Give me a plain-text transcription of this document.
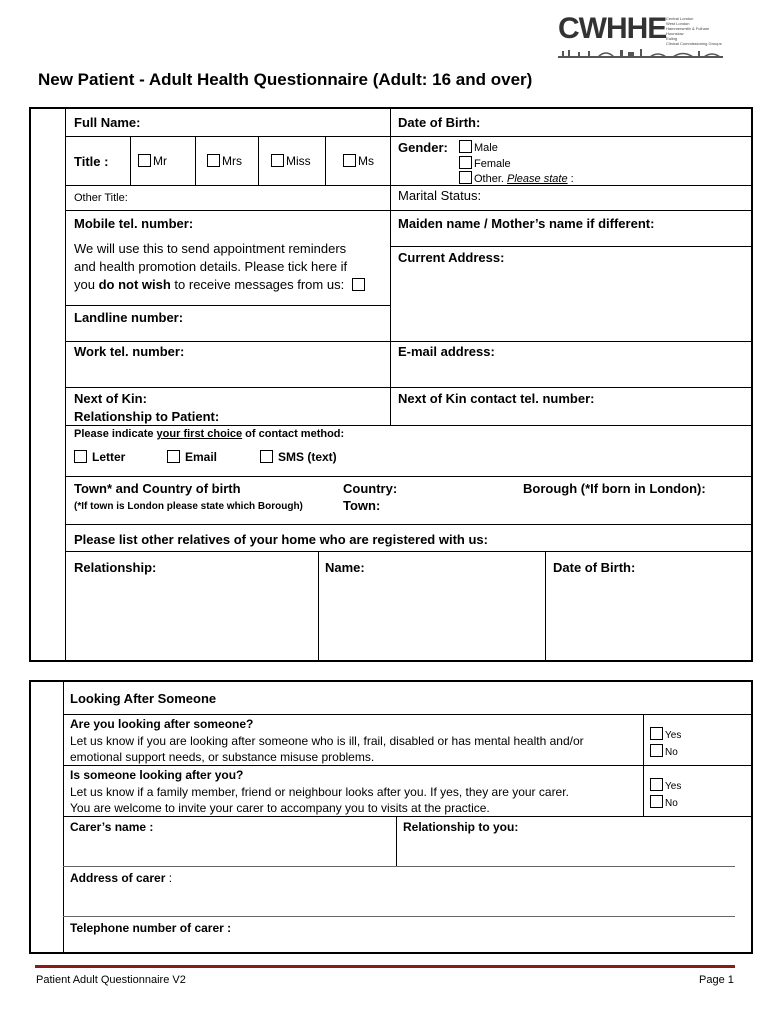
CWHHE Central London
West London
Hammersmith & Fulham
Hounslow
Ealing
Clinical Commissioning Groups
New Patient - Adult Health Questionnaire (Adult: 16 and over)
Full Name:	Date of Birth:
Title :	Mr	Mrs	Miss	Ms
Gender:	Male
Female
Other. Please state :
Other Title:	Marital Status:
Mobile tel. number:	Maiden name / Mother’s name if different:
We will use this to send appointment reminders
and health promotion details. Please tick here if
you do not wish to receive messages from us:
Current Address:
Landline number:
Work tel. number:	E-mail address:
Next of Kin:
Relationship to Patient:
Next of Kin contact tel. number:
Please indicate your first choice of contact method:
Letter	Email	SMS (text)
Town* and Country of birth
(*If town is London please state which Borough)
Country:
Town:
Borough (*If born in London):
Please list other relatives of your home who are registered with us:
Relationship:	Name:	Date of Birth:
Looking After Someone
Are you looking after someone?
Let us know if you are looking after someone who is ill, frail, disabled or has mental health and/or
emotional support needs, or substance misuse problems.
Yes
No
Is someone looking after you?
Let us know if a family member, friend or neighbour looks after you. If yes, they are your carer.
You are welcome to invite your carer to accompany you to visits at the practice.
Yes
No
Carer’s name :	Relationship to you:
Address of carer :
Telephone number of carer :
Patient Adult Questionnaire V2	Page 1
